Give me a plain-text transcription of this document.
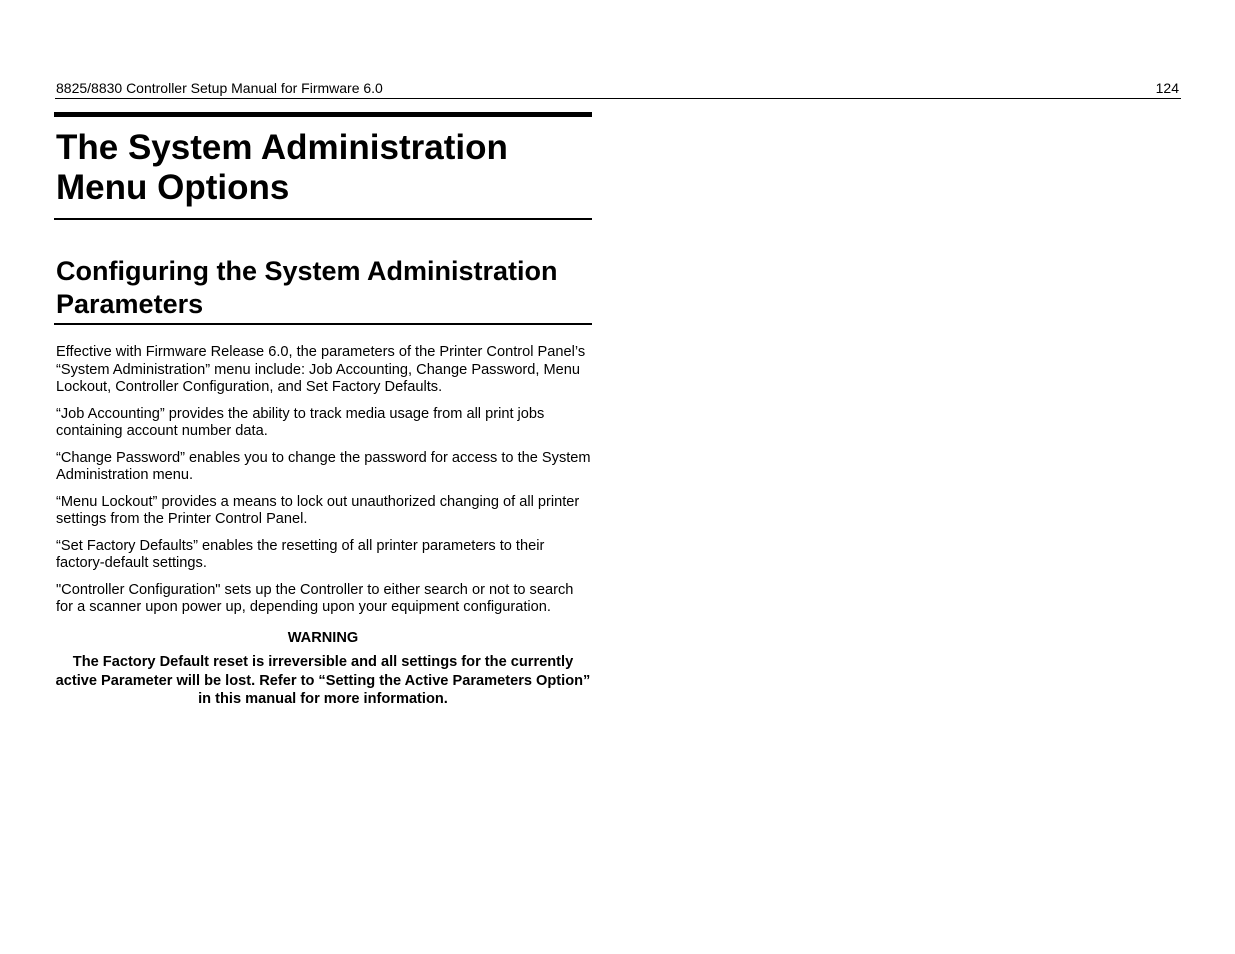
8825/8830 Controller Setup Manual for Firmware 6.0	124
The System Administration Menu Options
Configuring the System Administration Parameters

Effective with Firmware Release 6.0, the parameters of the Printer Control Panel’s “System Administration” menu include: Job Accounting, Change Password, Menu Lockout, Controller Configuration, and Set Factory Defaults.

“Job Accounting” provides the ability to track media usage from all print jobs containing account number data.

“Change Password” enables you to change the password for access to the System Administration menu.

“Menu Lockout” provides a means to lock out unauthorized changing of all printer settings from the Printer Control Panel.

“Set Factory Defaults” enables the resetting of all printer parameters to their factory-default settings.

"Controller Configuration" sets up the Controller to either search or not to search for a scanner upon power up, depending upon your equipment configuration.

WARNING
The Factory Default reset is irreversible and all settings for the currently active Parameter will be lost. Refer to “Setting the Active Parameters Option” in this manual for more information.
